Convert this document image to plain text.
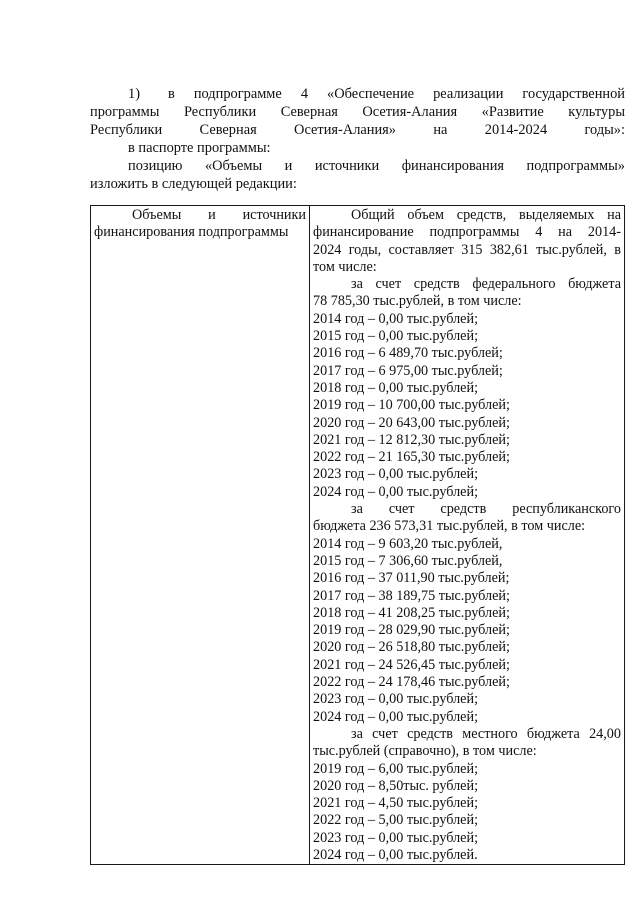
1) в подпрограмме 4 «Обеспечение реализации государственной
программы Республики Северная Осетия-Алания «Развитие культуры
Республики Северная Осетия-Алания» на 2014-2024 годы»:
в паспорте программы:
позицию «Объемы и источники финансирования подпрограммы»
изложить в следующей редакции:
Объемы и источники
финансирования подпрограммы

Общий объем средств, выделяемых на
финансирование подпрограммы 4 на 2014-
2024 годы, составляет 315 382,61 тыс.рублей, в
том числе:
за счет средств федерального бюджета
78 785,30 тыс.рублей, в том числе:
2014 год – 0,00 тыс.рублей;
2015 год – 0,00 тыс.рублей;
2016 год – 6 489,70 тыс.рублей;
2017 год – 6 975,00 тыс.рублей;
2018 год – 0,00 тыс.рублей;
2019 год – 10 700,00 тыс.рублей;
2020 год – 20 643,00 тыс.рублей;
2021 год – 12 812,30 тыс.рублей;
2022 год – 21 165,30 тыс.рублей;
2023 год – 0,00 тыс.рублей;
2024 год – 0,00 тыс.рублей;
за счет средств республиканского
бюджета 236 573,31 тыс.рублей, в том числе:
2014 год – 9 603,20 тыс.рублей,
2015 год – 7 306,60 тыс.рублей,
2016 год – 37 011,90 тыс.рублей;
2017 год – 38 189,75 тыс.рублей;
2018 год – 41 208,25 тыс.рублей;
2019 год – 28 029,90 тыс.рублей;
2020 год – 26 518,80 тыс.рублей;
2021 год – 24 526,45 тыс.рублей;
2022 год – 24 178,46 тыс.рублей;
2023 год – 0,00 тыс.рублей;
2024 год – 0,00 тыс.рублей;
за счет средств местного бюджета 24,00
тыс.рублей (справочно), в том числе:
2019 год – 6,00 тыс.рублей;
2020 год – 8,50тыс. рублей;
2021 год – 4,50 тыс.рублей;
2022 год – 5,00 тыс.рублей;
2023 год – 0,00 тыс.рублей;
2024 год – 0,00 тыс.рублей.
